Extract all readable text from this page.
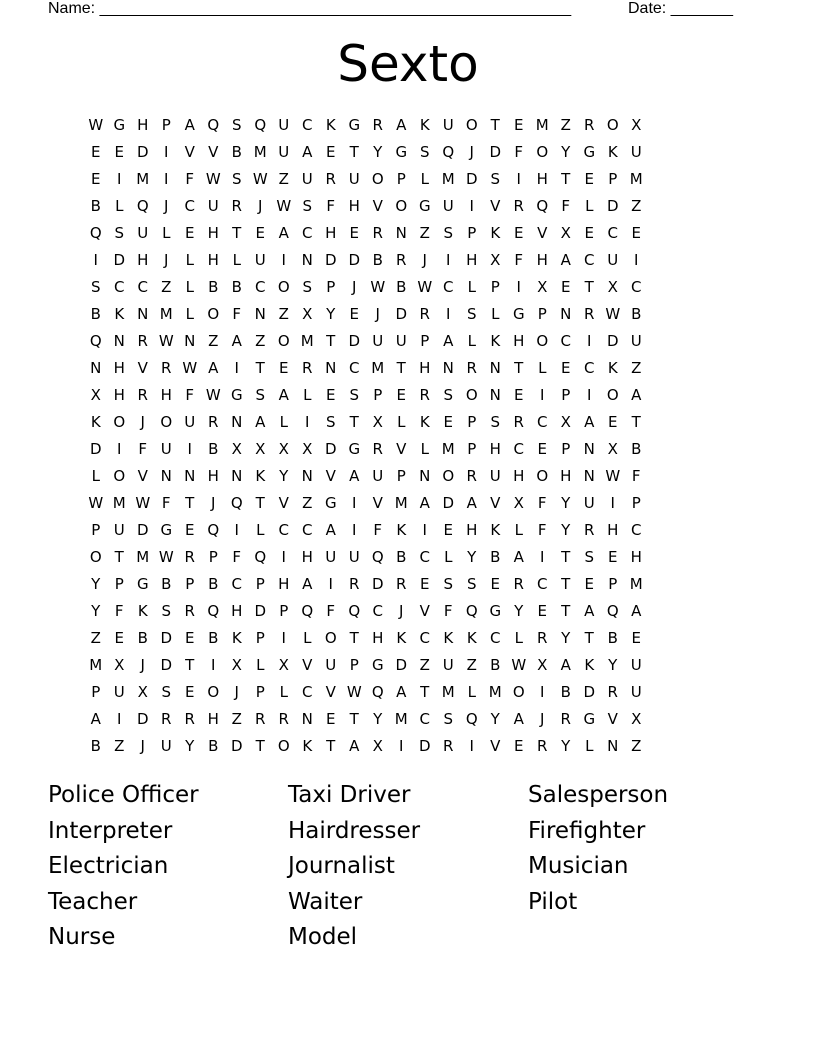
Name: _____________________________________________________	Date: _______
Sexto
W G H P A Q S Q U C K G R A K U O T E M Z R O X
E E D	I	V V B M U A E T Y G S Q	J	D F O Y G K U
E	I M I	F W S W Z U R U O P L M D S	I	H T E P M
B L Q	J	C U R	J W S F H V O G U	I	V R Q F	L D Z
Q S U L E H T E A C H E R N Z S P K E V X E C E
I	D H	J	L H L U	I	N D D B R	J	I	H X F H A C U	I
S C C Z L B B C O S P	J W B W C L P	I	X E T X C
B K N M L O F N Z X Y E	J	D R	I	S L G P N R W B
Q N R W N Z A Z O M T D U U P A L K H O C	I	D U
N H V R W A	I	T E R N C M T H N R N T L E C K Z
X H R H F W G S A L E S P E R S O N E	I	P	I	O A
K O	J	O U R N A L	I	S T X L K E P S R C X A E T
D	I	F U	I	B X X X X D G R V L M P H C E P N X B
L O V N N H N K Y N V A U P N O R U H O H N W F
W M W F T	J	Q T V Z G	I	V M A D A V X F Y U	I	P
P U D G E Q	I	L C C A	I	F K	I	E H K L	F Y R H C
O T M W R P F Q	I	H U U Q B C L Y B A	I	T S E H
Y P G B P B C P H A	I	R D R E S S E R C T E P M
Y F K S R Q H D P Q F Q C	J	V F Q G Y E T A Q A
Z E B D E B K P	I	L O T H K C K K C L R Y T B E
M X	J	D T	I	X L X V U P G D Z U Z B W X A K Y U
P U X S E O	J	P L C V W Q A T M L M O	I	B D R U
A	I	D R R H Z R R N E T Y M C S Q Y A	J	R G V X
B Z	J	U Y B D T O K T A X	I	D R	I	V E R Y L N Z
Police Officer	Taxi Driver	Salesperson
Interpreter	Hairdresser	Firefighter
Electrician	Journalist	Musician
Teacher	Waiter	Pilot
Nurse	Model
